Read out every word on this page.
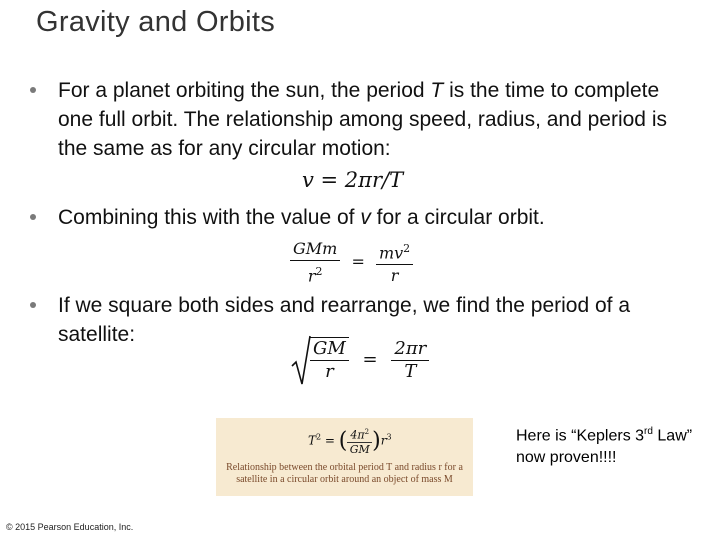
Gravity and Orbits
For a planet orbiting the sun, the period T is the time to complete one full orbit. The relationship among speed, radius, and period is the same as for any circular motion:
v = 2πr/T
Combining this with the value of v for a circular orbit.
$\frac{\text{GMm}}{r^2} = \frac{mv^2}{r}$
If we square both sides and rearrange, we find the period of a satellite:
$\frac{GM}{r} = \frac{2\pi r}{T}$
$T^2$ = ( $\frac{4\pi^2}{GM} )r^3$
Relationship between the orbital period T and radius r for a satellite in a circular orbit around an object of mass M
Here is “Keplers 3rd Law” now proven!!!!
© 2015 Pearson Education, Inc.
